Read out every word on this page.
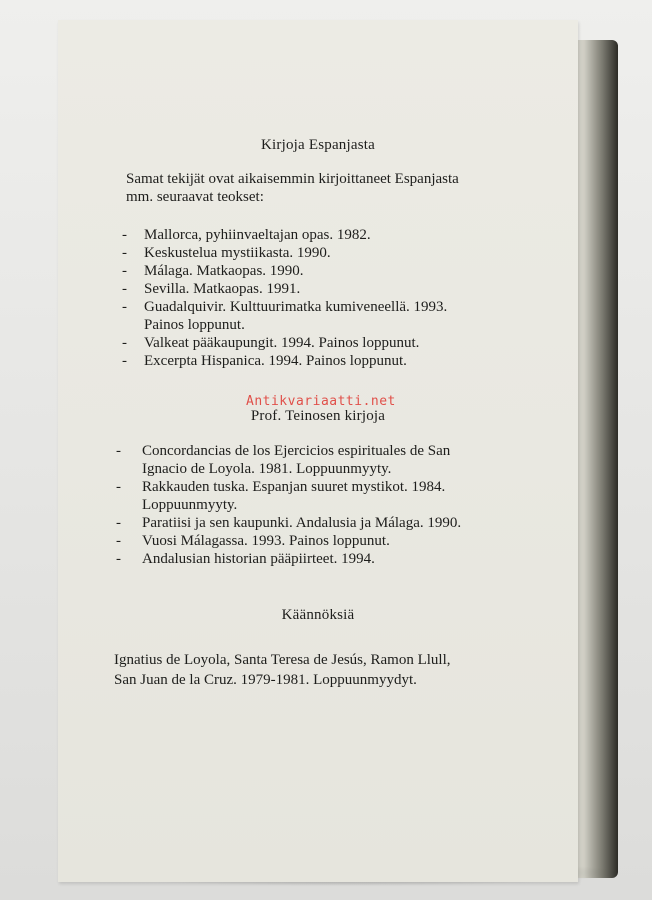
Kirjoja Espanjasta
Samat tekijät ovat aikaisemmin kirjoittaneet Espanjasta
mm. seuraavat teokset:
- Mallorca, pyhiinvaeltajan opas. 1982.
- Keskustelua mystiikasta. 1990.
- Málaga. Matkaopas. 1990.
- Sevilla. Matkaopas. 1991.
- Guadalquivir. Kulttuurimatka kumiveneellä. 1993.
Painos loppunut.
- Valkeat pääkaupungit. 1994. Painos loppunut.
- Excerpta Hispanica. 1994. Painos loppunut.
Prof. Teinosen kirjoja
Antikvariaatti.net
- Concordancias de los Ejercicios espirituales de San
Ignacio de Loyola. 1981. Loppuunmyyty.
- Rakkauden tuska. Espanjan suuret mystikot. 1984.
Loppuunmyyty.
- Paratiisi ja sen kaupunki. Andalusia ja Málaga. 1990.
- Vuosi Málagassa. 1993. Painos loppunut.
- Andalusian historian pääpiirteet. 1994.
Käännöksiä
Ignatius de Loyola, Santa Teresa de Jesús, Ramon Llull,
San Juan de la Cruz. 1979-1981. Loppuunmyydyt.
